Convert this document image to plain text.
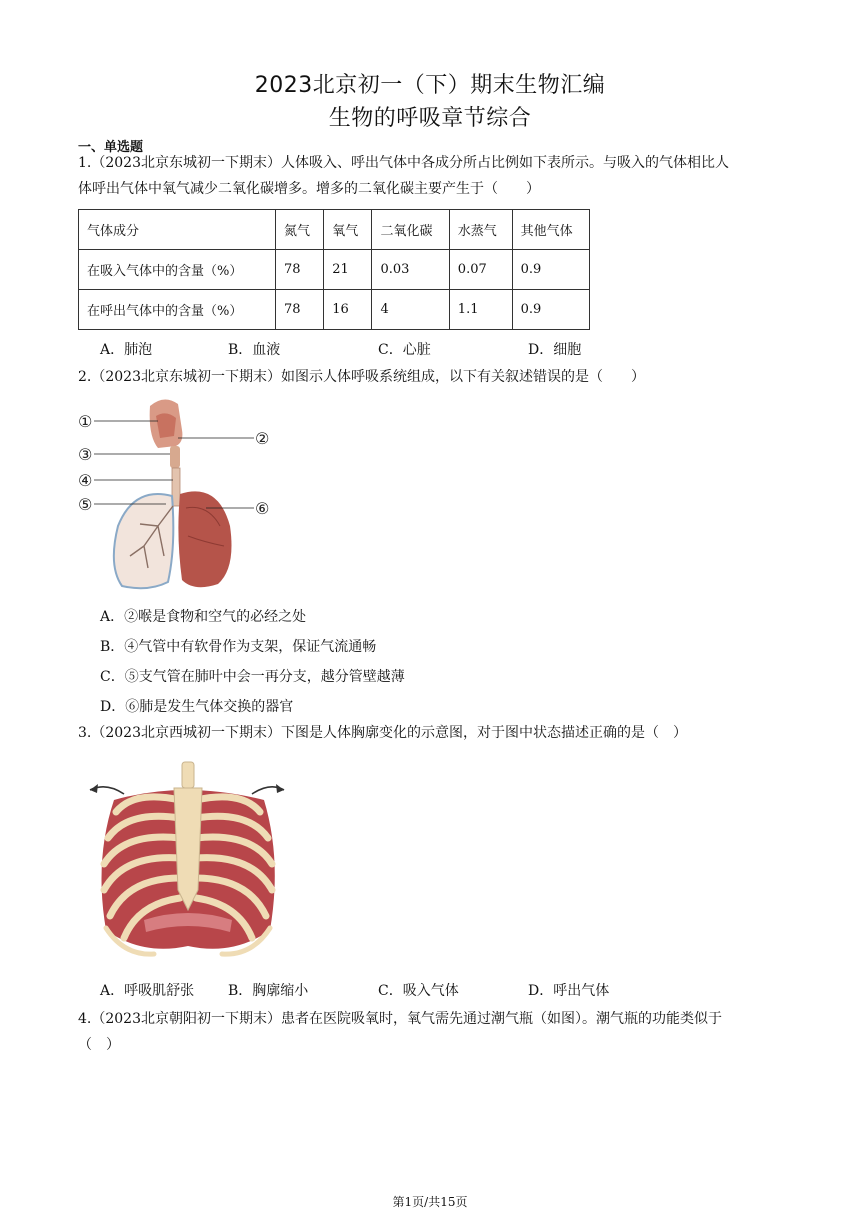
2023北京初一（下）期末生物汇编
生物的呼吸章节综合
一、单选题
1.（2023北京东城初一下期末）人体吸入、呼出气体中各成分所占比例如下表所示。与吸入的气体相比人
体呼出气体中氧气减少二氧化碳增多。增多的二氧化碳主要产生于（　　）
气体成分	氮气	氧气	二氧化碳	水蒸气	其他气体
在吸入气体中的含量（%）	78	21	0.03	0.07	0.9
在呼出气体中的含量（%）	78	16	4	1.1	0.9
A．肺泡	B．血液	C．心脏	D．细胞
2.（2023北京东城初一下期末）如图示人体呼吸系统组成，以下有关叙述错误的是（　　）
①
②
③
④
⑤	⑥
A．②喉是食物和空气的必经之处
B．④气管中有软骨作为支架，保证气流通畅
C．⑤支气管在肺叶中会一再分支，越分管壁越薄
D．⑥肺是发生气体交换的器官
3.（2023北京西城初一下期末）下图是人体胸廓变化的示意图，对于图中状态描述正确的是（　）
A．呼吸肌舒张 B．胸廓缩小	C．吸入气体	D．呼出气体
4.（2023北京朝阳初一下期末）患者在医院吸氧时，氧气需先通过潮气瓶（如图）。潮气瓶的功能类似于
（　）
第1页/共15页
